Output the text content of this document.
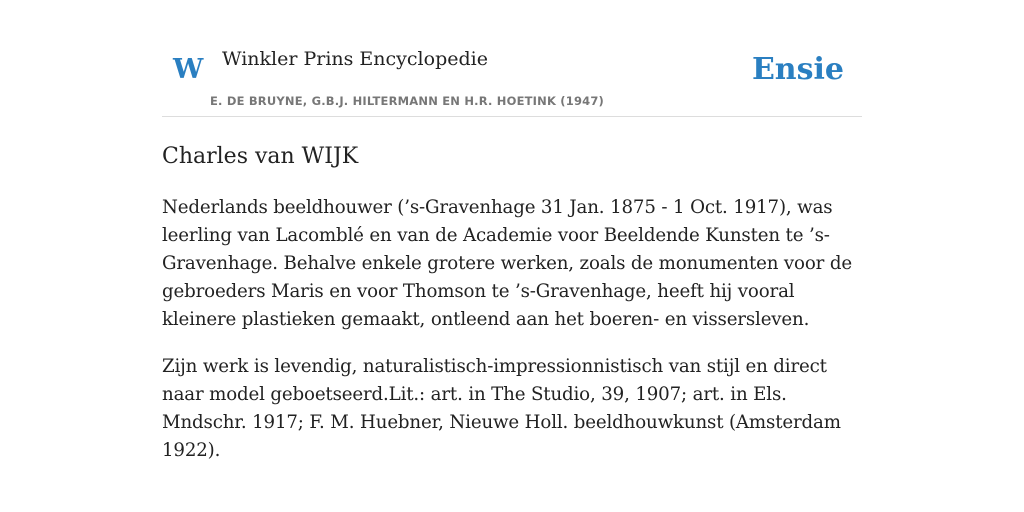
W Winkler Prins Encyclopedie
E. DE BRUYNE, G.B.J. HILTERMANN EN H.R. HOETINK (1947)
Ensie
Charles van WIJK

Nederlands beeldhouwer (’s-Gravenhage 31 Jan. 1875 - 1 Oct. 1917), was leerling van Lacomblé en van de Academie voor Beeldende Kunsten te ’s-Gravenhage. Behalve enkele grotere werken, zoals de monumenten voor de gebroeders Maris en voor Thomson te ’s-Gravenhage, heeft hij vooral kleinere plastieken gemaakt, ontleend aan het boeren- en vissersleven.

Zijn werk is levendig, naturalistisch-impressionnistisch van stijl en direct naar model geboetseerd.Lit.: art. in The Studio, 39, 1907; art. in Els. Mndschr. 1917; F. M. Huebner, Nieuwe Holl. beeldhouwkunst (Amsterdam 1922).
